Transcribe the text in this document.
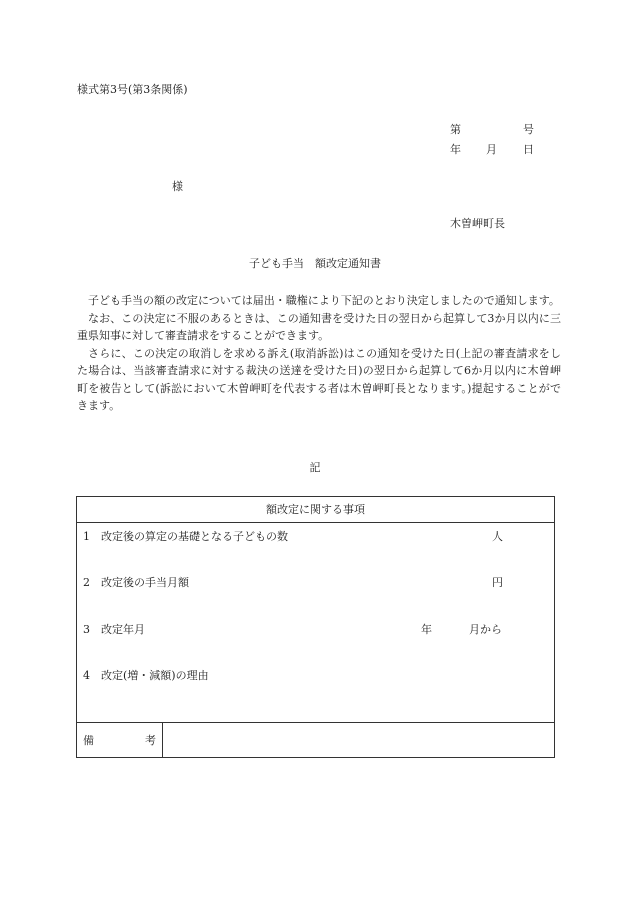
様式第3号(第3条関係)
第	号
年 月 日
様
木曽岬町長
子ども手当　額改定通知書

子ども手当の額の改定については届出・職権により下記のとおり決定しましたので通知します。

なお、この決定に不服のあるときは、この通知書を受けた日の翌日から起算して3か月以内に三重県知事に対して審査請求をすることができます。

さらに、この決定の取消しを求める訴え(取消訴訟)はこの通知を受けた日(上記の審査請求をした場合は、当該審査請求に対する裁決の送達を受けた日)の翌日から起算して6か月以内に木曽岬町を被告として(訴訟において木曽岬町を代表する者は木曽岬町長となります。)提起することができます。

記
額改定に関する事項
1 改定後の算定の基礎となる子どもの数	人
2 改定後の手当月額	円
3 改定年月	年	月から
4 改定(増・減額)の理由
備	考
